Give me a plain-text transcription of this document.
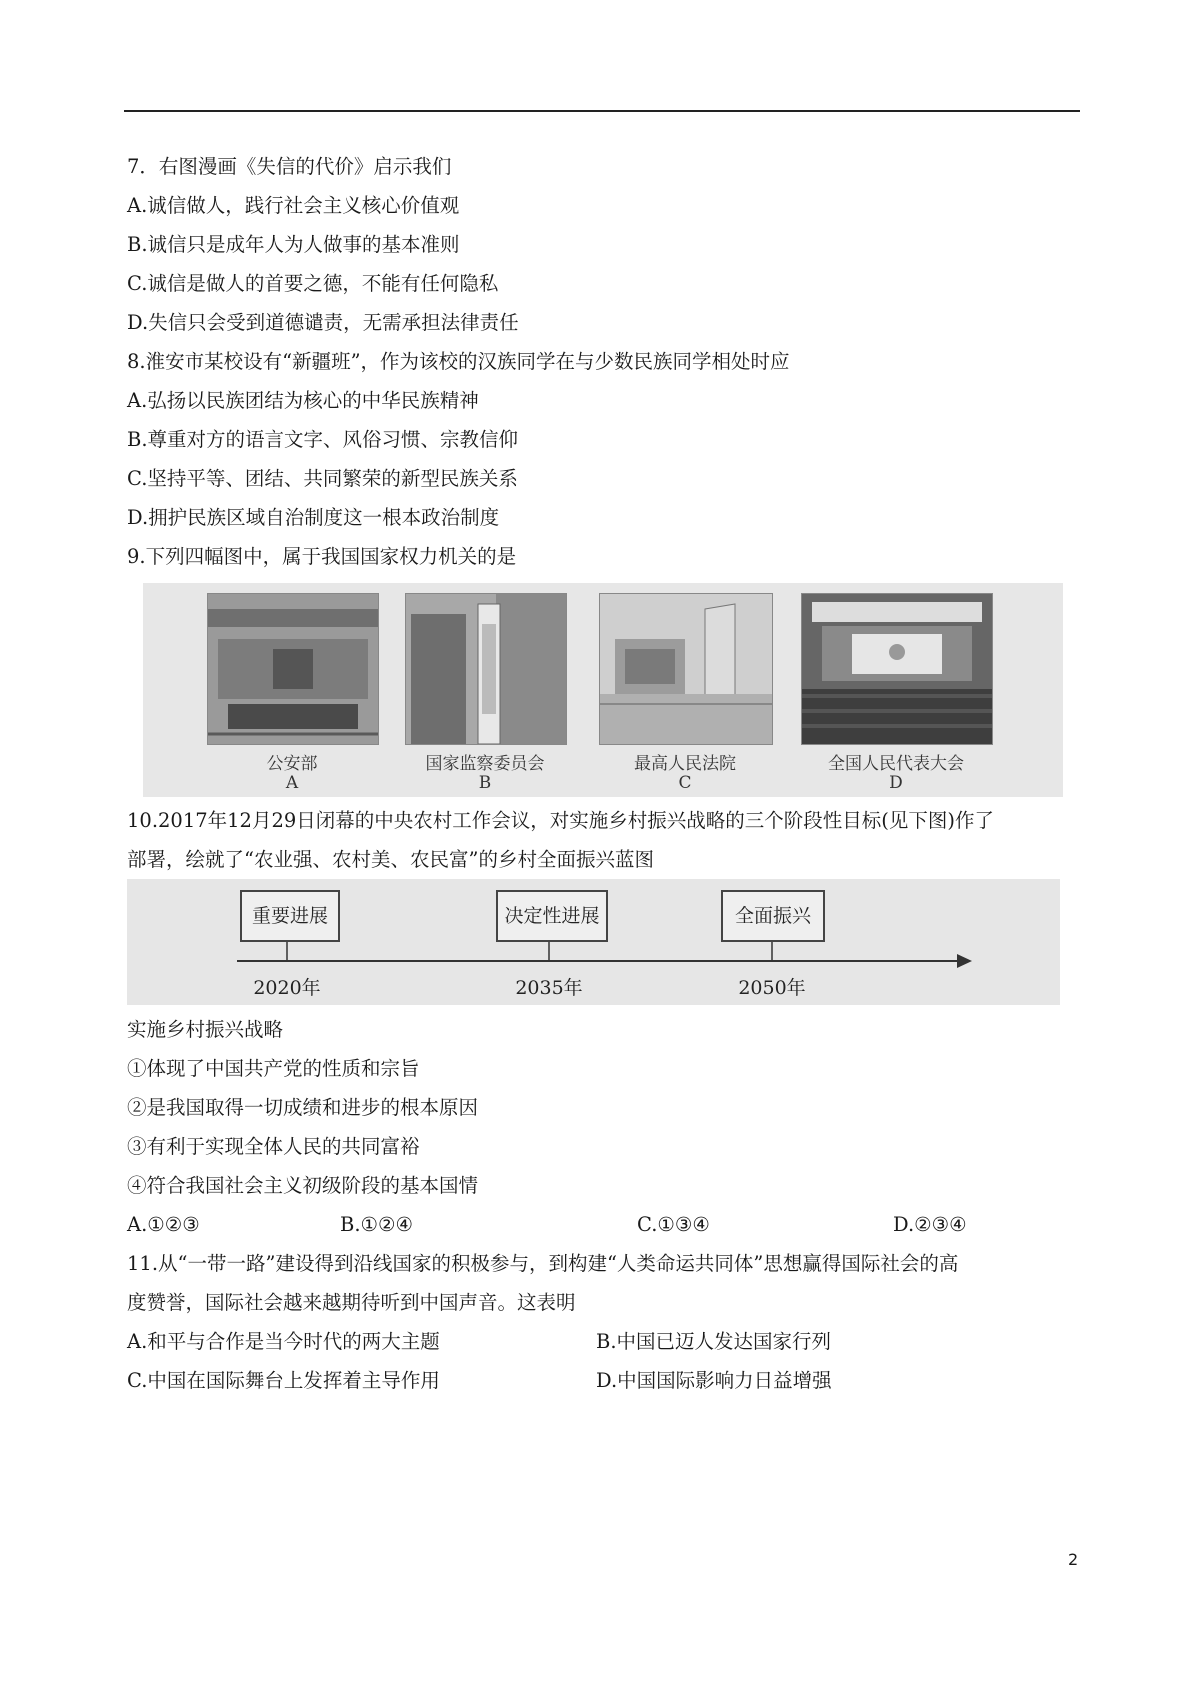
7．右图漫画《失信的代价》启示我们
A.诚信做人，践行社会主义核心价值观
B.诚信只是成年人为人做事的基本准则
C.诚信是做人的首要之德，不能有任何隐私
D.失信只会受到道德谴责，无需承担法律责任
8.淮安市某校设有“新疆班”，作为该校的汉族同学在与少数民族同学相处时应
A.弘扬以民族团结为核心的中华民族精神
B.尊重对方的语言文字、风俗习惯、宗教信仰
C.坚持平等、团结、共同繁荣的新型民族关系
D.拥护民族区域自治制度这一根本政治制度
9.下列四幅图中，属于我国国家权力机关的是
公安部
A
国家监察委员会
B
最高人民法院
C
全国人民代表大会
D
10.2017年12月29日闭幕的中央农村工作会议，对实施乡村振兴战略的三个阶段性目标(见下图)作了
部署，绘就了“农业强、农村美、农民富”的乡村全面振兴蓝图
重要进展	决定性进展	全面振兴
2020年	2035年	2050年
实施乡村振兴战略
①体现了中国共产党的性质和宗旨
②是我国取得一切成绩和进步的根本原因
③有利于实现全体人民的共同富裕
④符合我国社会主义初级阶段的基本国情
A.①②③	B.①②④	C.①③④	D.②③④
11.从“一带一路”建设得到沿线国家的积极参与，到构建“人类命运共同体”思想赢得国际社会的高
度赞誉，国际社会越来越期待听到中国声音。这表明
A.和平与合作是当今时代的两大主题	B.中国已迈人发达国家行列
C.中国在国际舞台上发挥着主导作用	D.中国国际影响力日益增强
2
